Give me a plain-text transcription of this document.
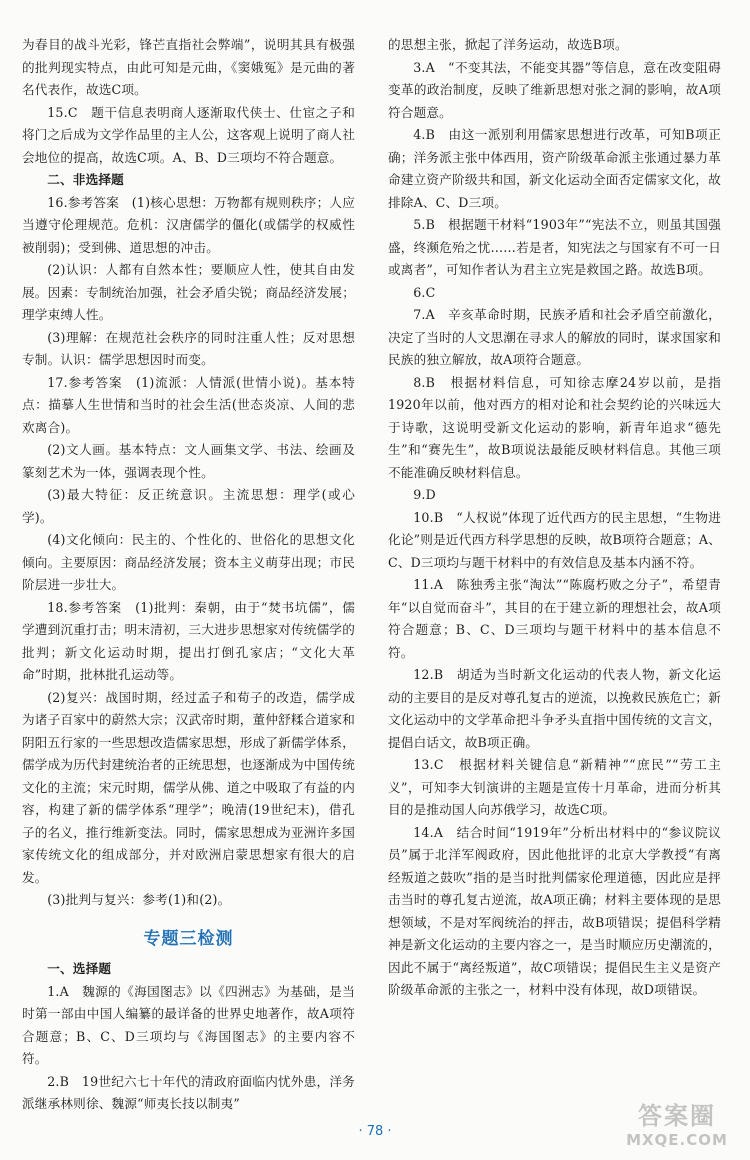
为春目的战斗光彩，锋芒直指社会弊端”，说明其具有极强的批判现实特点，由此可知是元曲，《窦娥冤》是元曲的著名代表作，故选C项。

15.C　题干信息表明商人逐渐取代侠士、仕宦之子和将门之后成为文学作品里的主人公，这客观上说明了商人社会地位的提高，故选C项。A、B、D三项均不符合题意。

二、非选择题

16.参考答案　(1)核心思想：万物都有规则秩序；人应当遵守伦理规范。危机：汉唐儒学的僵化(或儒学的权威性被削弱)；受到佛、道思想的冲击。

(2)认识：人都有自然本性；要顺应人性，使其自由发展。因素：专制统治加强，社会矛盾尖锐；商品经济发展；理学束缚人性。

(3)理解：在规范社会秩序的同时注重人性；反对思想专制。认识：儒学思想因时而变。

17.参考答案　(1)流派：人情派(世情小说)。基本特点：描摹人生世情和当时的社会生活(世态炎凉、人间的悲欢离合)。

(2)文人画。基本特点：文人画集文学、书法、绘画及篆刻艺术为一体，强调表现个性。

(3)最大特征：反正统意识。主流思想：理学(或心学)。

(4)文化倾向：民主的、个性化的、世俗化的思想文化倾向。主要原因：商品经济发展；资本主义萌芽出现；市民阶层进一步壮大。

18.参考答案　(1)批判：秦朝，由于“焚书坑儒”，儒学遭到沉重打击；明末清初，三大进步思想家对传统儒学的批判；新文化运动时期，提出打倒孔家店；“文化大革命”时期，批林批孔运动等。

(2)复兴：战国时期，经过孟子和荀子的改造，儒学成为诸子百家中的蔚然大宗；汉武帝时期，董仲舒糅合道家和阴阳五行家的一些思想改造儒家思想，形成了新儒学体系，儒学成为历代封建统治者的正统思想，也逐渐成为中国传统文化的主流；宋元时期，儒学从佛、道之中吸取了有益的内容，构建了新的儒学体系“理学”；晚清(19世纪末)，借孔子的名义，推行维新变法。同时，儒家思想成为亚洲许多国家传统文化的组成部分，并对欧洲启蒙思想家有很大的启发。

(3)批判与复兴：参考(1)和(2)。

专题三检测

一、选择题

1.A　魏源的《海国图志》以《四洲志》为基础，是当时第一部由中国人编纂的最详备的世界史地著作，故A项符合题意；B、C、D三项均与《海国图志》的主要内容不符。

2.B　19世纪六七十年代的清政府面临内忧外患，洋务派继承林则徐、魏源“师夷长技以制夷”

的思想主张，掀起了洋务运动，故选B项。

3.A　“不变其法，不能变其器”等信息，意在改变阻碍变革的政治制度，反映了维新思想对张之洞的影响，故A项符合题意。

4.B　由这一派别利用儒家思想进行改革，可知B项正确；洋务派主张中体西用，资产阶级革命派主张通过暴力革命建立资产阶级共和国，新文化运动全面否定儒家文化，故排除A、C、D三项。

5.B　根据题干材料“1903年”“宪法不立，则虽其国强盛，终濒危殆之忧……若是者，知宪法之与国家有不可一日或离者”，可知作者认为君主立宪是救国之路。故选B项。

6.C

7.A　辛亥革命时期，民族矛盾和社会矛盾空前激化，决定了当时的人文思潮在寻求人的解放的同时，谋求国家和民族的独立解放，故A项符合题意。

8.B　根据材料信息，可知徐志摩24岁以前，是指1920年以前，他对西方的相对论和社会契约论的兴味远大于诗歌，这说明受新文化运动的影响，新青年追求“德先生”和“赛先生”，故B项说法最能反映材料信息。其他三项不能准确反映材料信息。

9.D

10.B　“人权说”体现了近代西方的民主思想，“生物进化论”则是近代西方科学思想的反映，故B项符合题意；A、C、D三项均与题干材料中的有效信息及基本内涵不符。

11.A　陈独秀主张“淘汰”“陈腐朽败之分子”，希望青年“以自觉而奋斗”，其目的在于建立新的理想社会，故A项符合题意；B、C、D三项均与题干材料中的基本信息不符。

12.B　胡适为当时新文化运动的代表人物，新文化运动的主要目的是反对尊孔复古的逆流，以挽救民族危亡；新文化运动中的文学革命把斗争矛头直指中国传统的文言文，提倡白话文，故B项正确。

13.C　根据材料关键信息“新精神”“庶民”“劳工主义”，可知李大钊演讲的主题是宣传十月革命，进而分析其目的是推动国人向苏俄学习，故选C项。

14.A　结合时间“1919年”分析出材料中的“参议院议员”属于北洋军阀政府，因此他批评的北京大学教授“有离经叛道之鼓吹”指的是当时批判儒家伦理道德，因此应是抨击当时的尊孔复古逆流，故A项正确；材料主要体现的是思想领域，不是对军阀统治的抨击，故B项错误；提倡科学精神是新文化运动的主要内容之一，是当时顺应历史潮流的，因此不属于“离经叛道”，故C项错误；提倡民生主义是资产阶级革命派的主张之一，材料中没有体现，故D项错误。

· 78 ·
答案圈
MXQE.COM
